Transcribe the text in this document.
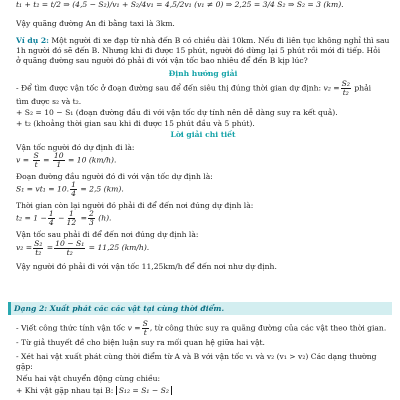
t₁ + t₂ = t/2 ⇒ (4,5 − S₂)/v₁ + S₂/4v₁ = 4,5/2v₁ (v₁ ≠ 0) ⇒ 2,25 = 3/4 S₂ ⇒ S₂ = 3 (km).
Vậy quãng đường An đi bằng taxi là 3km.
Ví dụ 2: Một người đi xe đạp từ nhà đến B có chiều dài 10km. Nếu đi liên tục không nghỉ thì sau
1h người đó sẽ đến B. Nhưng khi đi được 15 phút, người đó dừng lại 5 phút rồi mới đi tiếp. Hỏi
ở quãng đường sau người đó phải đi với vận tốc bao nhiêu để đến B kịp lúc?
Định hướng giải
- Để tìm được vận tốc ở đoạn đường sau để đến siêu thị đúng thời gian dự định: $v_2 = \frac{\text{S₂}}{\text{t₂}}$ phải
tìm được s₂ và t₂.
+ S₂ = 10 − S₁ (đoạn đường đầu đi với vận tốc dự tính nên dễ dàng suy ra kết quả).
+ t₂ (khoảng thời gian sau khi đi được 15 phút đầu và 5 phút).
Lời giải chi tiết
Vận tốc người đó dự định đi là:
$v = \frac{S}{t} = \frac{10}{1} = 10$ (km/h).
Đoạn đường đầu người đó đi với vận tốc dự định là:
S₁ = vt₁ = 10. $\frac{1}{4} = 2,5$ (km).
Thời gian còn lại người đó phải đi để đến nơi đúng dự định là:
$t_2 = 1 - \frac{1}{4} - \frac{1}{12} = \frac{2}{3} (h)$.
Vận tốc sau phải đi để đến nơi đúng dự định là:
$v_2 = \frac{\text{S₂}}{\text{t₂}} = \frac{\text{10 − S₁}}{\text{t₂}} = 11,25$ (km/h).
Vậy người đó phải đi với vận tốc 11,25km/h để đến nơi như dự định.
Dạng 2: Xuất phát các các vật tại cùng thời điểm.
- Viết công thức tính vận tốc $v = \frac{S}{t}$ , từ công thức suy ra quãng đường của các vật theo thời gian.
- Từ giả thuyết đề cho biện luận suy ra mối quan hệ giữa hai vật.
- Xét hai vật xuất phát cùng thời điểm từ A và B với vận tốc v₁ và v₂ (v₁ > v₂) Các dạng thường
gặp:
Nếu hai vật chuyển động cùng chiều:
+ Khi vật gặp nhau tại B: S₁₂ = S₁ − S₂
